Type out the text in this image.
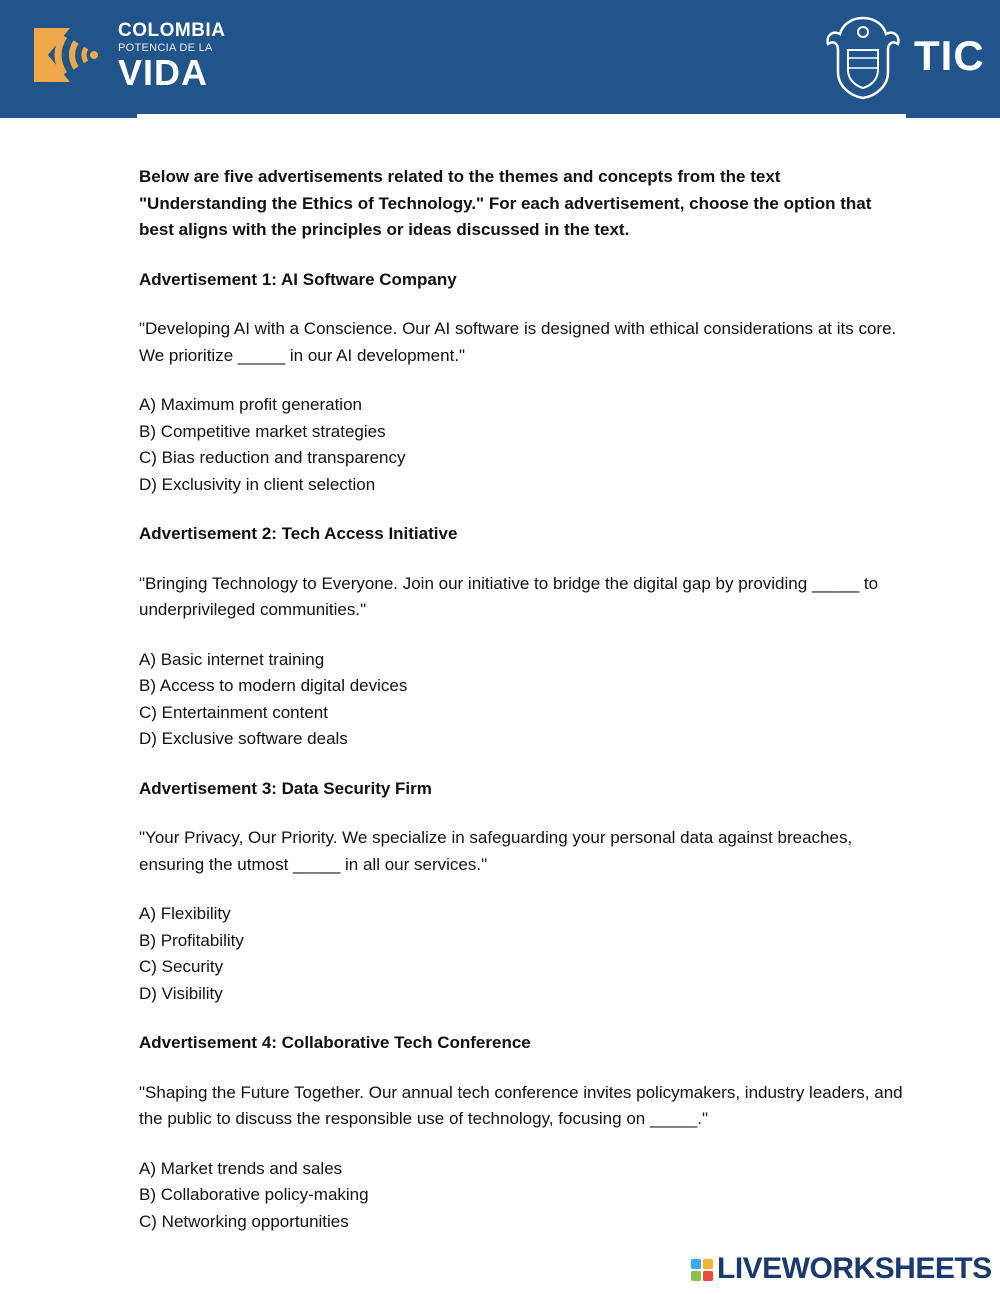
COLOMBIA
POTENCIA DE LA
VIDA	TIC

Below are five advertisements related to the themes and concepts from the text "Understanding the Ethics of Technology." For each advertisement, choose the option that best aligns with the principles or ideas discussed in the text.

Advertisement 1: AI Software Company

"Developing AI with a Conscience. Our AI software is designed with ethical considerations at its core. We prioritize _____ in our AI development."

A) Maximum profit generation
B) Competitive market strategies
C) Bias reduction and transparency
D) Exclusivity in client selection

Advertisement 2: Tech Access Initiative

"Bringing Technology to Everyone. Join our initiative to bridge the digital gap by providing _____ to underprivileged communities."

A) Basic internet training
B) Access to modern digital devices
C) Entertainment content
D) Exclusive software deals

Advertisement 3: Data Security Firm

"Your Privacy, Our Priority. We specialize in safeguarding your personal data against breaches, ensuring the utmost _____ in all our services."

A) Flexibility
B) Profitability
C) Security
D) Visibility

Advertisement 4: Collaborative Tech Conference

"Shaping the Future Together. Our annual tech conference invites policymakers, industry leaders, and the public to discuss the responsible use of technology, focusing on _____."

A) Market trends and sales
B) Collaborative policy-making
C) Networking opportunities
LIVEWORKSHEETS
